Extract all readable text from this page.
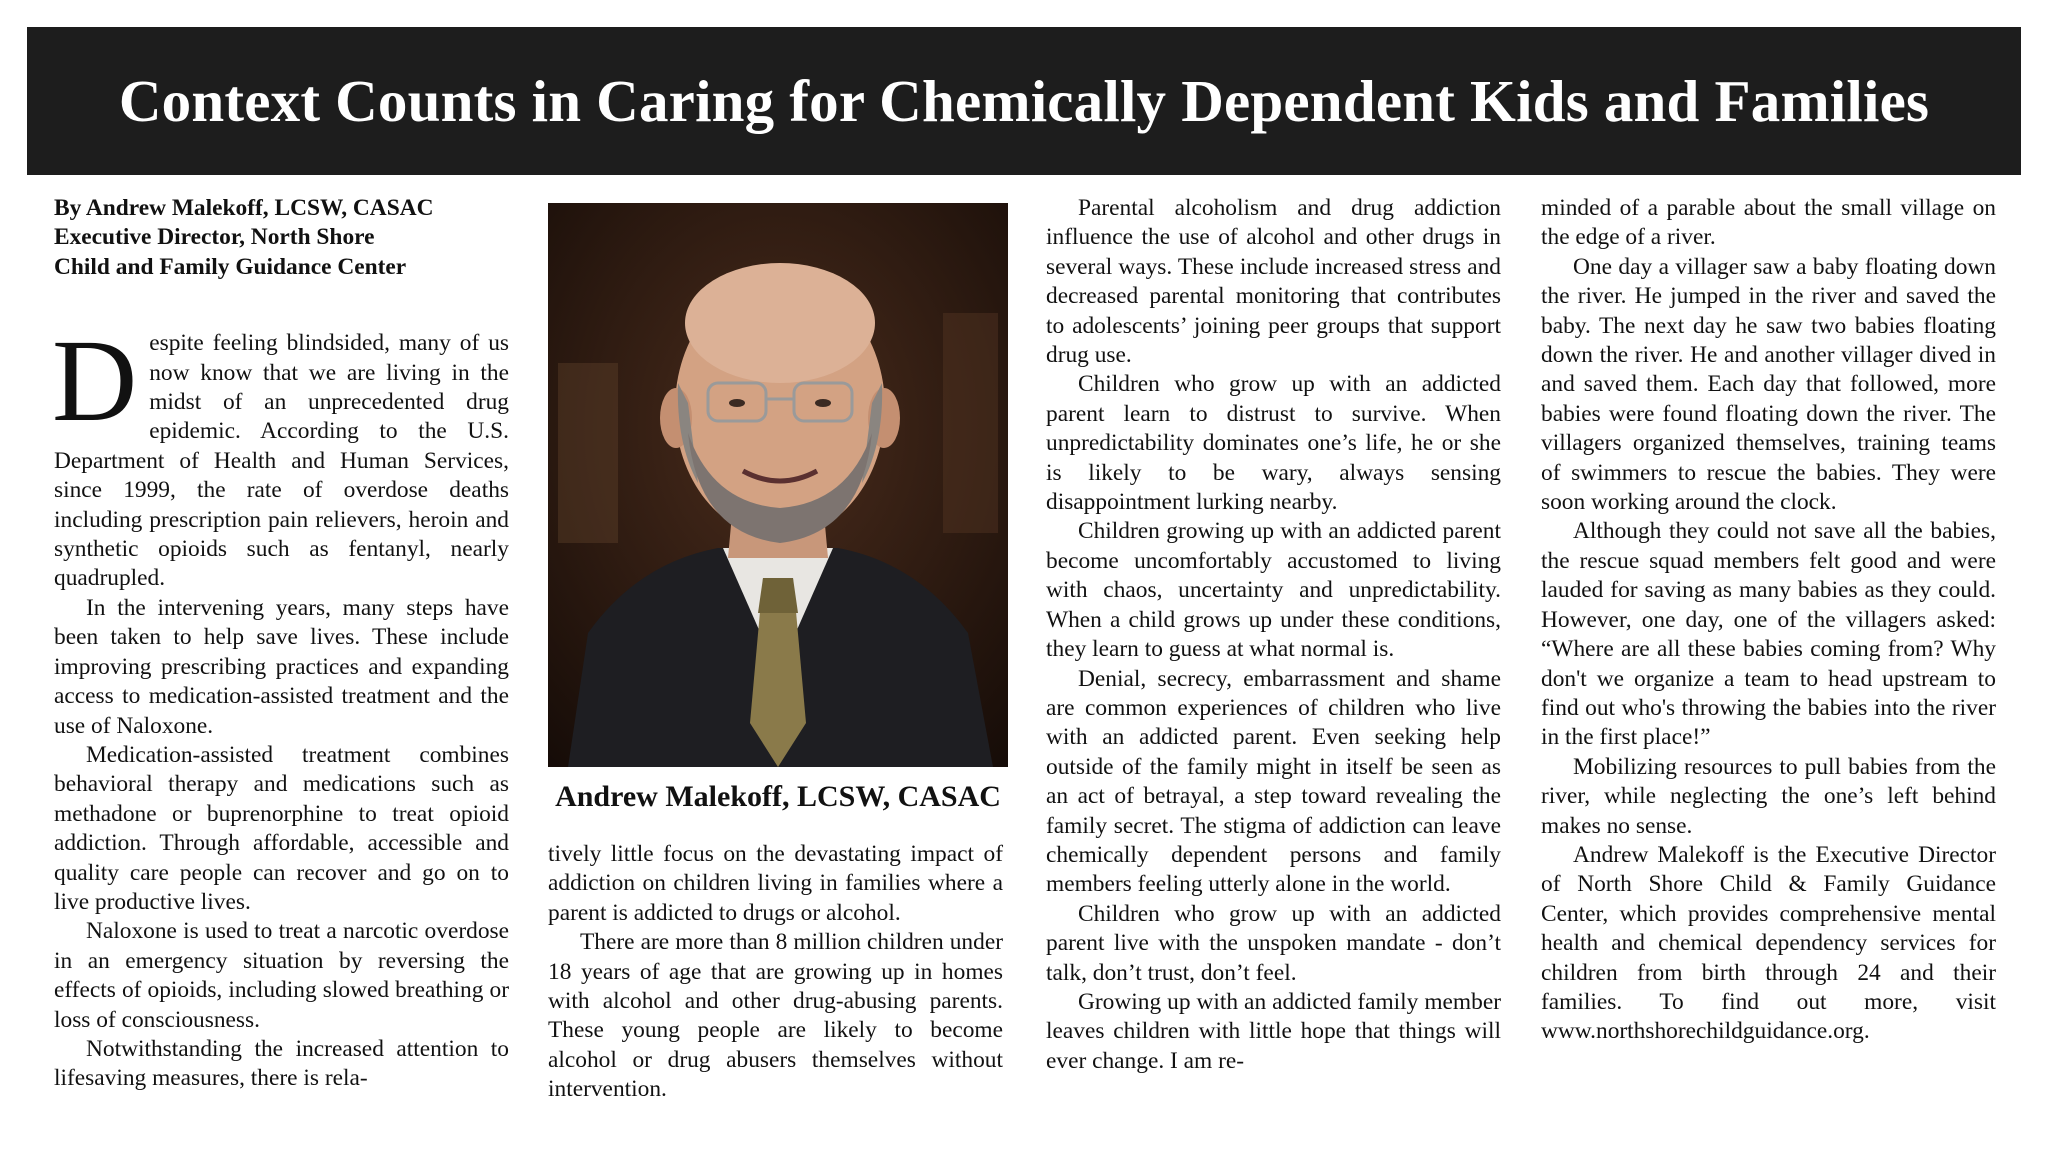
Context Counts in Caring for Chemically Dependent Kids and Families
By Andrew Malekoff, LCSW, CASAC
Executive Director, North Shore
Child and Family Guidance Center

Despite feeling blindsided, many of us now know that we are living in the midst of an unprecedented drug epidemic. According to the U.S. Department of Health and Human Services, since 1999, the rate of overdose deaths including prescription pain relievers, heroin and synthetic opioids such as fentanyl, nearly quadrupled.

In the intervening years, many steps have been taken to help save lives. These include improving prescribing practices and expanding access to medication-assisted treatment and the use of Naloxone.

Medication-assisted treatment combines behavioral therapy and medications such as methadone or buprenorphine to treat opioid addiction. Through affordable, accessible and quality care people can recover and go on to live productive lives.

Naloxone is used to treat a narcotic overdose in an emergency situation by reversing the effects of opioids, including slowed breathing or loss of consciousness.

Notwithstanding the increased attention to lifesaving measures, there is rela-

Andrew Malekoff, LCSW, CASAC

tively little focus on the devastating impact of addiction on children living in families where a parent is addicted to drugs or alcohol.

There are more than 8 million children under 18 years of age that are growing up in homes with alcohol and other drug-abusing parents. These young people are likely to become alcohol or drug abusers themselves without intervention.

Parental alcoholism and drug addiction influence the use of alcohol and other drugs in several ways. These include increased stress and decreased parental monitoring that contributes to adolescents’ joining peer groups that support drug use.

Children who grow up with an addicted parent learn to distrust to survive. When unpredictability dominates one’s life, he or she is likely to be wary, always sensing disappointment lurking nearby.

Children growing up with an addicted parent become uncomfortably accustomed to living with chaos, uncertainty and unpredictability. When a child grows up under these conditions, they learn to guess at what normal is.

Denial, secrecy, embarrassment and shame are common experiences of children who live with an addicted parent. Even seeking help outside of the family might in itself be seen as an act of betrayal, a step toward revealing the family secret. The stigma of addiction can leave chemically dependent persons and family members feeling utterly alone in the world.

Children who grow up with an addicted parent live with the unspoken mandate - don’t talk, don’t trust, don’t feel.

Growing up with an addicted family member leaves children with little hope that things will ever change. I am re-

minded of a parable about the small village on the edge of a river.

One day a villager saw a baby floating down the river. He jumped in the river and saved the baby. The next day he saw two babies floating down the river. He and another villager dived in and saved them. Each day that followed, more babies were found floating down the river. The villagers organized themselves, training teams of swimmers to rescue the babies. They were soon working around the clock.

Although they could not save all the babies, the rescue squad members felt good and were lauded for saving as many babies as they could. However, one day, one of the villagers asked: “Where are all these babies coming from? Why don't we organize a team to head upstream to find out who's throwing the babies into the river in the first place!”

Mobilizing resources to pull babies from the river, while neglecting the one’s left behind makes no sense.

Andrew Malekoff is the Executive Director of North Shore Child & Family Guidance Center, which provides comprehensive mental health and chemical dependency services for children from birth through 24 and their families. To find out more, visit www.northshorechildguidance.org.
